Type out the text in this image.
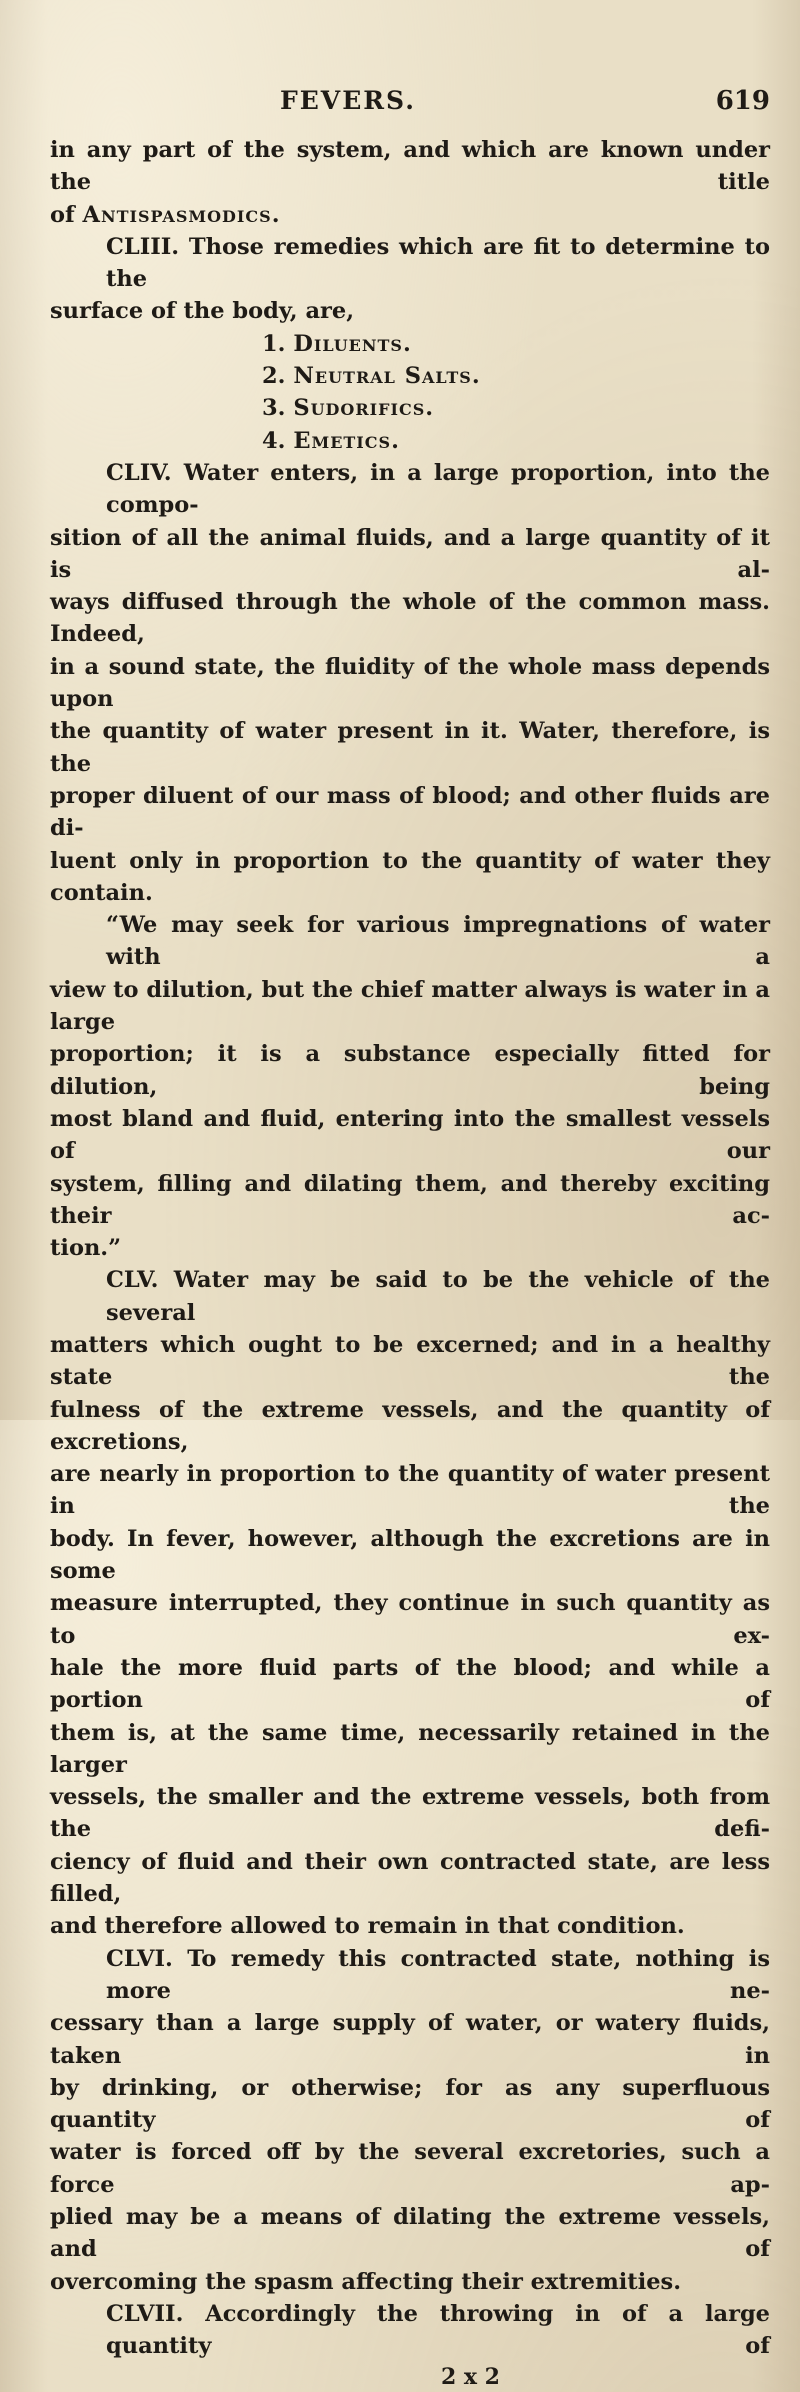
FEVERS.	619
in any part of the system, and which are known under the title
of Antispasmodics.
CLIII. Those remedies which are fit to determine to the
surface of the body, are,
1. Diluents.
2. Neutral Salts.
3. Sudorifics.
4. Emetics.
CLIV. Water enters, in a large proportion, into the compo-
sition of all the animal fluids, and a large quantity of it is al-
ways diffused through the whole of the common mass. Indeed,
in a sound state, the fluidity of the whole mass depends upon
the quantity of water present in it. Water, therefore, is the
proper diluent of our mass of blood; and other fluids are di-
luent only in proportion to the quantity of water they contain.
“We may seek for various impregnations of water with a
view to dilution, but the chief matter always is water in a large
proportion; it is a substance especially fitted for dilution, being
most bland and fluid, entering into the smallest vessels of our
system, filling and dilating them, and thereby exciting their ac-
tion.”
CLV. Water may be said to be the vehicle of the several
matters which ought to be excerned; and in a healthy state the
fulness of the extreme vessels, and the quantity of excretions,
are nearly in proportion to the quantity of water present in the
body. In fever, however, although the excretions are in some
measure interrupted, they continue in such quantity as to ex-
hale the more fluid parts of the blood; and while a portion of
them is, at the same time, necessarily retained in the larger
vessels, the smaller and the extreme vessels, both from the defi-
ciency of fluid and their own contracted state, are less filled,
and therefore allowed to remain in that condition.
CLVI. To remedy this contracted state, nothing is more ne-
cessary than a large supply of water, or watery fluids, taken in
by drinking, or otherwise; for as any superfluous quantity of
water is forced off by the several excretories, such a force ap-
plied may be a means of dilating the extreme vessels, and of
overcoming the spasm affecting their extremities.
CLVII. Accordingly the throwing in of a large quantity of
2 x 2
